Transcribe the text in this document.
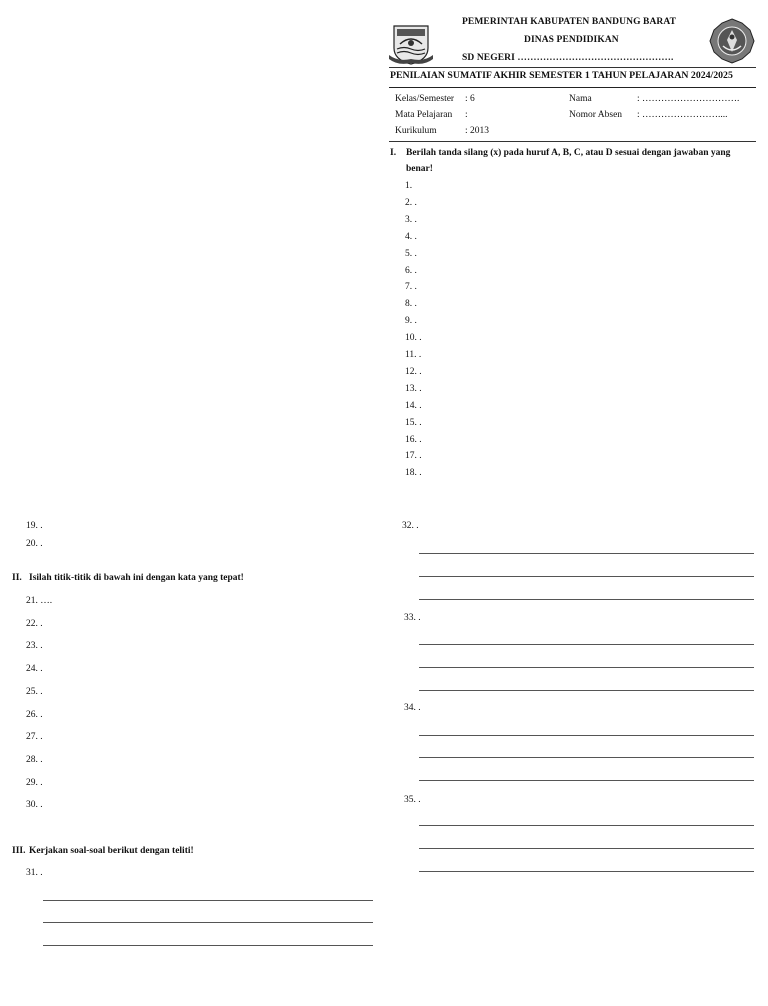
PEMERINTAH KABUPATEN BANDUNG BARAT
DINAS PENDIDIKAN
SD NEGERI ………………………………………….
PENILAIAN SUMATIF AKHIR SEMESTER 1 TAHUN PELAJARAN 2024/2025
Kelas/Semester : 6
Mata Pelajaran :
Kurikulum	: 2013
Nama	: ………………………….
Nomor Absen : ……………………....
I. Berilah tanda silang (x) pada huruf A, B, C, atau D sesuai dengan jawaban yang
benar!
1.
2. .
3. .
4. .
5. .
6. .
7. .
8. .
9. .
10. .
11. .
12. .
13. .
14. .
15. .
16. .
17. .
18. .
19. .
20. .
II. Isilah titik-titik di bawah ini dengan kata yang tepat!
21. ….
22. .
23. .
24. .
25. .
26. .
27. .
28. .
29. .
30. .
III. Kerjakan soal-soal berikut dengan teliti!
31. .
32. .
33. .
34. .
35. .
